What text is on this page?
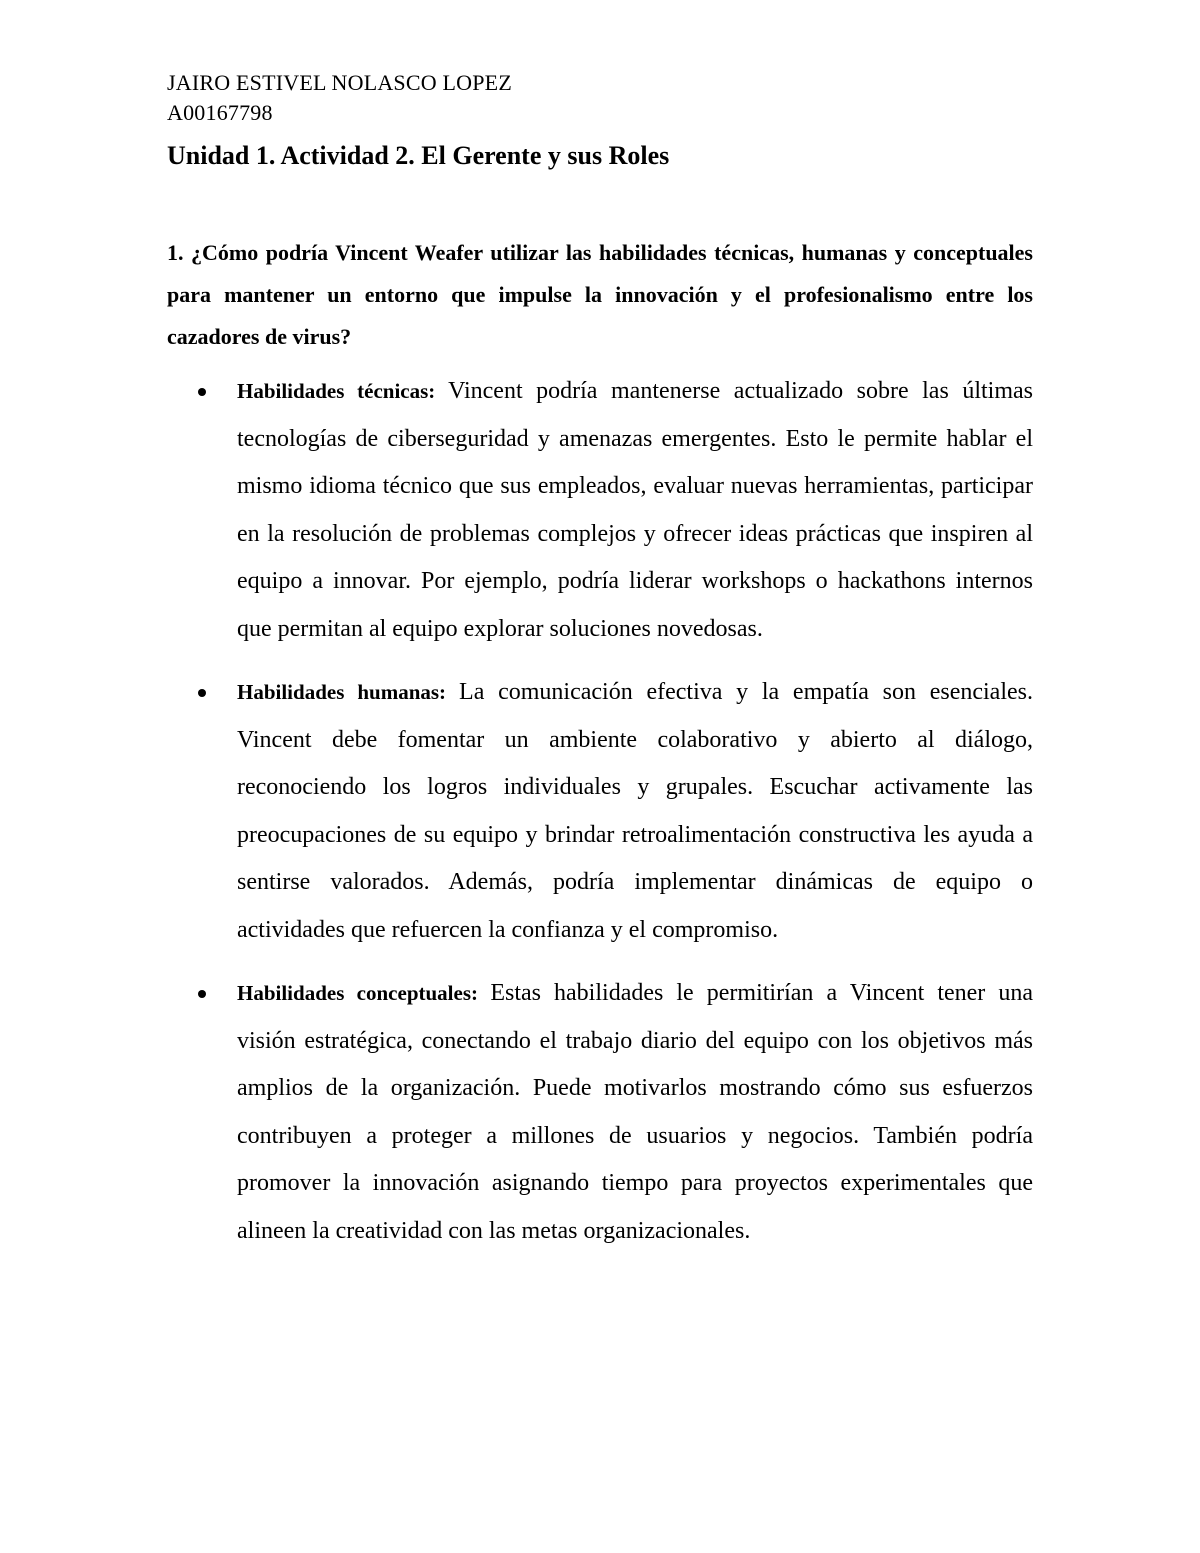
JAIRO ESTIVEL NOLASCO LOPEZ
A00167798
Unidad 1. Actividad 2. El Gerente y sus Roles
1. ¿Cómo podría Vincent Weafer utilizar las habilidades técnicas, humanas y conceptuales para mantener un entorno que impulse la innovación y el profesionalismo entre los cazadores de virus?
Habilidades técnicas: Vincent podría mantenerse actualizado sobre las últimas tecnologías de ciberseguridad y amenazas emergentes. Esto le permite hablar el mismo idioma técnico que sus empleados, evaluar nuevas herramientas, participar en la resolución de problemas complejos y ofrecer ideas prácticas que inspiren al equipo a innovar. Por ejemplo, podría liderar workshops o hackathons internos que permitan al equipo explorar soluciones novedosas.
Habilidades humanas: La comunicación efectiva y la empatía son esenciales. Vincent debe fomentar un ambiente colaborativo y abierto al diálogo, reconociendo los logros individuales y grupales. Escuchar activamente las preocupaciones de su equipo y brindar retroalimentación constructiva les ayuda a sentirse valorados. Además, podría implementar dinámicas de equipo o actividades que refuercen la confianza y el compromiso.
Habilidades conceptuales: Estas habilidades le permitirían a Vincent tener una visión estratégica, conectando el trabajo diario del equipo con los objetivos más amplios de la organización. Puede motivarlos mostrando cómo sus esfuerzos contribuyen a proteger a millones de usuarios y negocios. También podría promover la innovación asignando tiempo para proyectos experimentales que alineen la creatividad con las metas organizacionales.
